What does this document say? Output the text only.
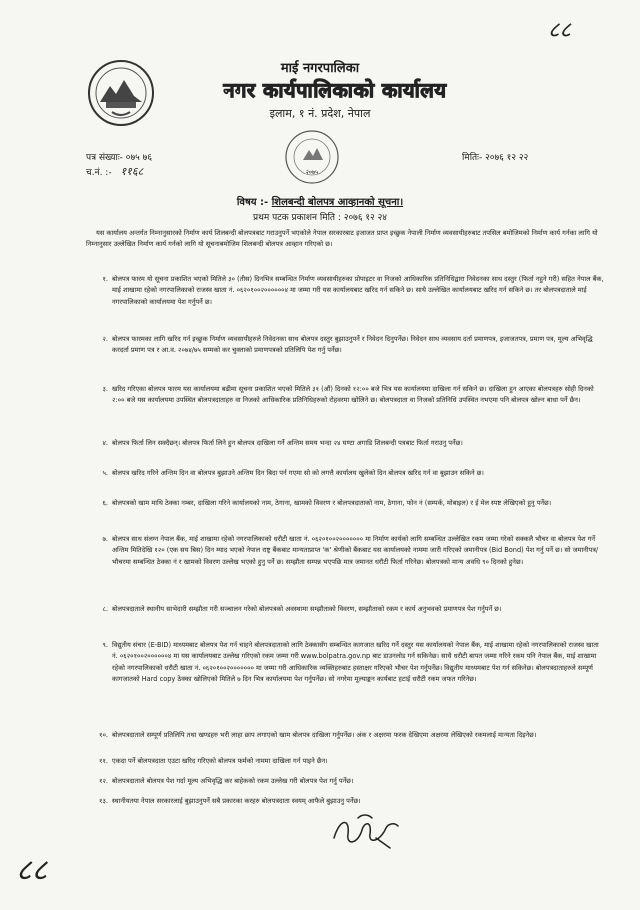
८८
८८
माई नगरपालिका
नगर कार्यपालिकाको कार्यालय
इलाम, १ नं. प्रदेश, नेपाल
पत्र संख्याः- ०७५ ७६
च.नं. :- ११६८
मितिः- २०७६ १२ २२
२०७५
विषय :- शिलबन्दी बोलपत्र आव्हानको सूचना।
प्रथम पटक प्रकाशन मिति : २०७६ १२ २४
यस कार्यालय अन्तर्गत निम्नानुसारको निर्माण कार्य शिलबन्दी बोलपत्रबाट गराउनुपर्ने भएकोले नेपाल सरकारबाट इजाजत प्राप्त इच्छुक नेपाली निर्माण व्यवसायीहरुबाट तपसिल बमोजिमको निर्माण कार्य गर्नका लागि यो निम्नानुसार उल्लेखित निर्माण कार्य गर्नको लागि यो सूचनाबमोजिम शिलबन्दी बोलपत्र आव्हान गरिएको छ।
१. बोलपत्र फारम यो सूचना प्रकाशित भएको मितिले ३० (तीस) दिनभित्र सम्बन्धित निर्माण व्यवसायीहरुका प्रोपाइटर वा निजको आधिकारिक प्रतिनिधिद्वारा निवेदनका साथ दस्तुर (फिर्ता नहुने गरी) सहित नेपाल बैंक, माई शाखामा रहेको नगरपालिकाको राजस्व खाता नं. ०६२०१००२००००००४ मा जम्मा गरी यस कार्यालयबाट खरिद गर्न सकिने छ। साथै उल्लेखित कार्यालयबाट खरिद गर्न सकिने छ। तर बोलपत्रदाताले माई नगरपालिकाको कार्यालयमा पेश गर्नुपर्ने छ।
२. बोलपत्र फारमका लागि खरिद गर्न इच्छुक निर्माण व्यवसायीहरुले निवेदनका साथ बोलपत्र दस्तुर बुझाउनुपर्ने र निवेदन दिनुपर्नेछ। निवेदन साथ व्यवसाय दर्ता प्रमाणपत्र, इजाजतपत्र, प्रमाण पत्र, मूल्य अभिवृद्धि करदर्ता प्रमाण पत्र र आ.व. २०७४/७५ सम्मको कर चुक्ताको प्रमाणपत्रको प्रतिलिपि पेश गर्नु पर्नेछ।
३. खरिद गरिएका बोलपत्र फारम यस कार्यालयमा बढीमा सूचना प्रकाशित भएको मितिले ३१ (औं) दिनको १२:०० बजे भित्र यस कार्यालयमा दाखिला गर्न सकिने छ। दाखिला हुन आएका बोलपत्रहरु सोही दिनको २:०० बजे यस कार्यालयमा उपस्थित बोलपत्रदाताहरु वा निजको आधिकारिक प्रतिनिधिहरुको रोहवरमा खोलिने छ। बोलपत्रदाता वा निजको प्रतिनिधि उपस्थित नभएमा पनि बोलपत्र खोल्न बाधा पर्ने छैन।
४. बोलपत्र फिर्ता लिन सक्दैछन्। बोलपत्र फिर्ता लिने हुन बोलपत्र दाखिला गर्ने अन्तिम समय भन्दा २४ घण्टा अगाडि शिलबन्दी पत्रबाट फिर्ता गराउनु पर्नेछ।
५. बोलपत्र खरिद गरिने अन्तिम दिन वा बोलपत्र बुझाउने अन्तिम दिन बिदा पर्न गएमा सो को लगत्तै कार्यालय खुलेको दिन बोलपत्र खरिद गर्न वा बुझाउन सकिने छ।
६. बोलपत्रको खाम माथि ठेक्का नम्बर, दाखिला गरिने कार्यालयको नाम, ठेगाना, खामको विवरण र बोलपत्रदाताको नाम, ठेगाना, फोन नं (सम्पर्क, मोबाइल) र ई मेल स्पष्ट लेखिएको हुनु पर्नेछ।
७. बोलपत्र साथ संलग्न नेपाल बैंक, माई शाखामा रहेको नगरपालिकाको धरौटी खाता नं. ०६२०१००२००००००० मा निर्माण कार्यको लागि सम्बन्धित उल्लेखित रकम जम्मा गरेको सक्कलै भौचर वा बोलपत्र पेश गर्ने अन्तिम मितिदेखि १२० (एक सय बिस) दिन म्याद भएको नेपाल राष्ट्र बैंकबाट मान्यताप्राप्त 'क' श्रेणीको बैंकबाट यस कार्यालयको नाममा जारी गरिएको जमानीपत्र (Bid Bond) पेश गर्नु पर्ने छ। सो जमानीपत्र/भौचरमा सम्बन्धित ठेक्का नं र खामको विवरण उल्लेख भएको हुनु पर्ने छ। सम्झौता सम्पन्न भएपछि मात्र जमानत धरौटी फिर्ता गरिनेछ। बोलपत्रको मान्य अवधि ९० दिनको हुनेछ।
८. बोलपत्रदाताले स्थानीय साभेदारी सम्झौता गरी सञ्चालन गरेको बोलपत्रको अवस्थामा सम्झौताको विवरण, सम्झौताको रकम र कार्य अनुभवको प्रमाणपत्र पेश गर्नुपर्ने छ।
९. विद्युतीय संचार (E-BID) माध्यमबाट बोलपत्र पेश गर्न चाहने बोलपत्रदाताको लागि ठेक्कासँग सम्बन्धित कागजात खरिद गर्ने दस्तुर यस कार्यालयको नेपाल बैंक, माई शाखामा रहेको नगरपालिकाको राजस्व खाता नं. ०६२०१००२००००००४ मा यस कार्यालयबाट उल्लेख गरिएको रकम जम्मा गरी www.bolpatra.gov.np बाट डाउनलोड गर्न सकिनेछ। साथै धरौटी बापत जम्मा गरिने रकम पनि नेपाल बैंक, माई शाखामा रहेको नगरपालिकाको धरौटी खाता नं. ०६२०१००२००००००० मा जम्मा गरी आधिकारिक व्यक्तिहरुबाट हस्ताक्षर गरिएको भौचर पेश गर्नुपर्नेछ। विद्युतीय माध्यमबाट पेश गर्न सकिनेछ। बोलपत्रदाताहरुले सम्पूर्ण कागजातको Hard copy ठेक्का खोलिएको मितिले ७ दिन भित्र कार्यालयमा पेश गर्नुपर्नेछ। सो नगरेमा मूल्याङ्कन कार्यबाट हटाई धरौटी रकम जफत गरिनेछ।
१०. बोलपत्रदाताले सम्पूर्ण प्रतिलिपि तथा खण्डहरु भरी लाहा छाप लगाएको खाम बोलपत्र दाखिला गर्नुपर्नेछ। अंक र अक्षरमा फरक देखिएमा अक्षरमा लेखिएको रकमलाई मान्यता दिइनेछ।
११. एकदा पर्ने बोलपत्रदाता एउटा खरिद गरिएको बोलपत्र फर्मको नाममा दाखिला गर्न पाइने छैन।
१२. बोलपत्रदाताले बोलपत्र पेश गर्दा मूल्य अभिवृद्धि कर बाहेकको रकम उल्लेख गरी बोलपत्र पेश गर्नु पर्नेछ।
१३. स्थानीयतया नेपाल सरकारलाई बुझाउनुपर्ने सबै प्रकारका करहरु बोलपत्रदाता स्वयम् आफैले बुझाउनु पर्नेछ।
